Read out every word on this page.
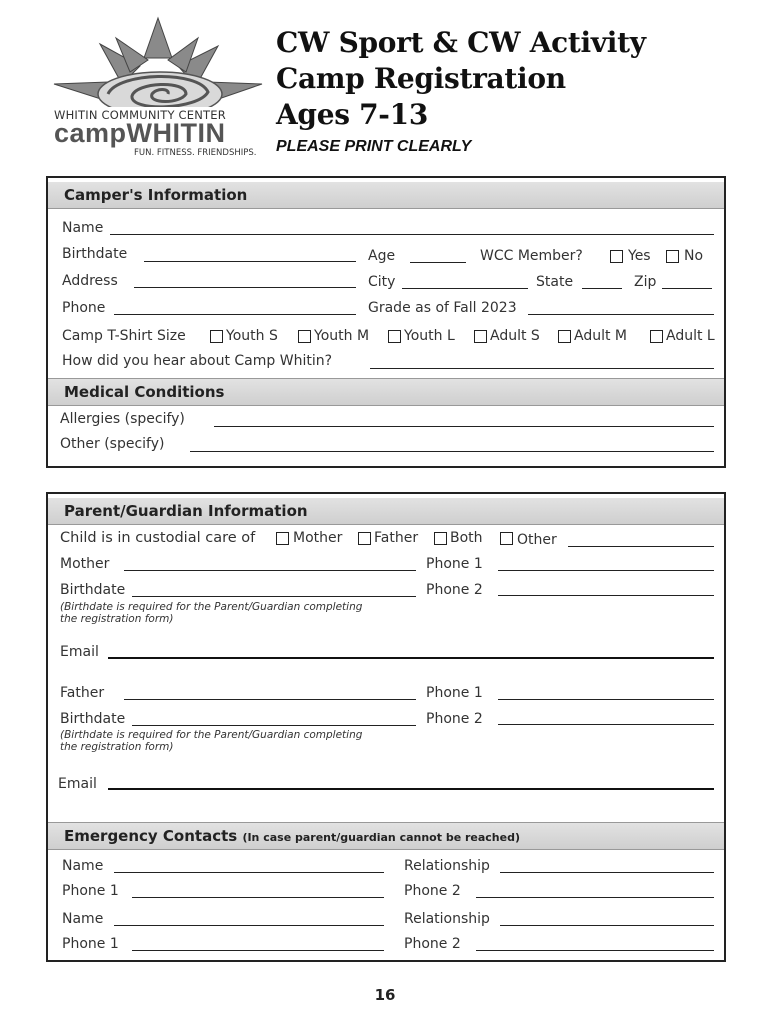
WHITIN COMMUNITY CENTER
campWHITIN
FUN. FITNESS. FRIENDSHIPS.
CW Sport & CW Activity
Camp Registration
Ages 7-13
PLEASE PRINT CLEARLY
Camper's Information
Name
Birthdate	Age	WCC Member?	Yes No
Address	City	State	Zip
Phone	Grade as of Fall 2023
Camp T-Shirt Size	Youth S	Youth M Youth L	Adult S Adult M	Adult L
How did you hear about Camp Whitin?
Medical Conditions
Allergies (specify)
Other (specify)
Parent/Guardian Information
Child is in custodial care of	Mother Father Both Other
Mother	Phone 1
Birthdate	Phone 2
(Birthdate is required for the Parent/Guardian completing
the registration form)
Email
Father	Phone 1
Birthdate	Phone 2
(Birthdate is required for the Parent/Guardian completing
the registration form)
Email
Emergency Contacts (In case parent/guardian cannot be reached)
Name	Relationship
Phone 1	Phone 2
Name	Relationship
Phone 1	Phone 2
16
